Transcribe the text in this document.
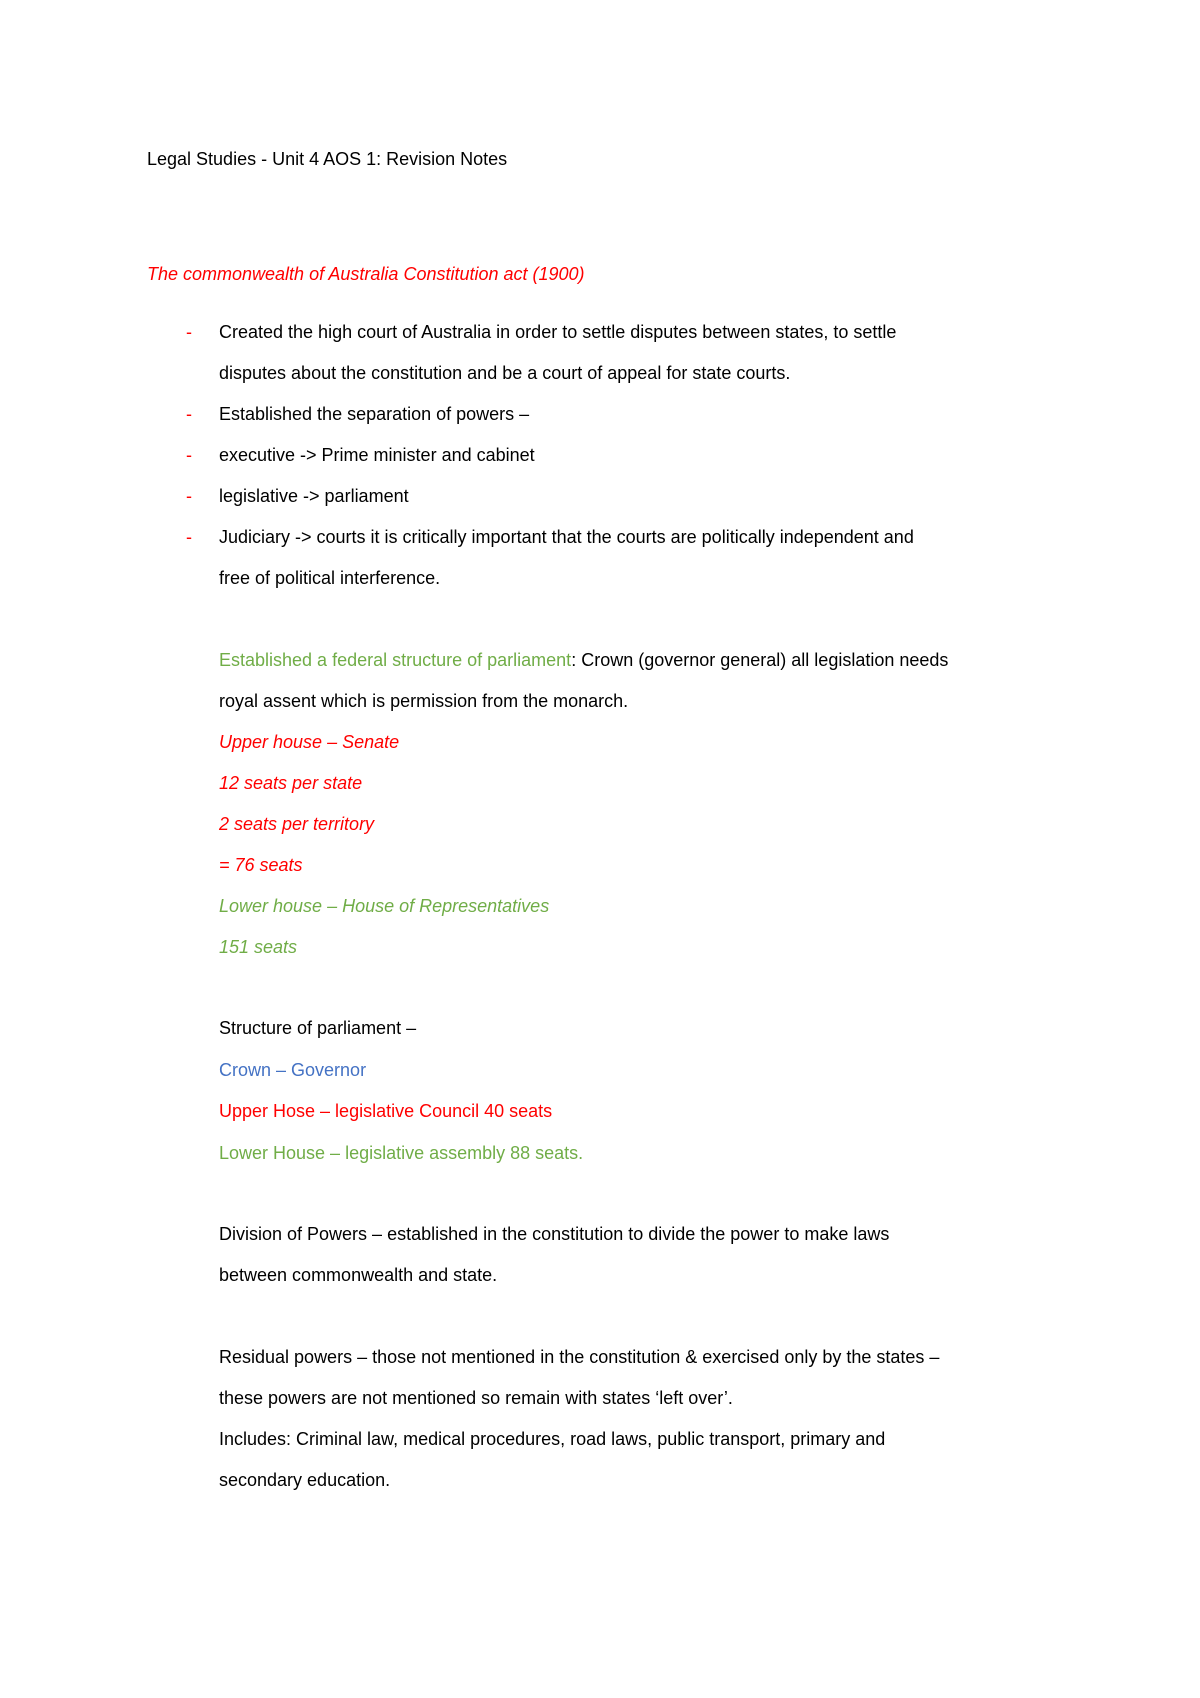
Legal Studies - Unit 4 AOS 1: Revision Notes
The commonwealth of Australia Constitution act (1900)
- Created the high court of Australia in order to settle disputes between states, to settle
disputes about the constitution and be a court of appeal for state courts.
- Established the separation of powers –
- executive -> Prime minister and cabinet
- legislative -> parliament
- Judiciary -> courts it is critically important that the courts are politically independent and
free of political interference.
Established a federal structure of parliament: Crown (governor general) all legislation needs
royal assent which is permission from the monarch.
Upper house – Senate
12 seats per state
2 seats per territory
= 76 seats
Lower house – House of Representatives
151 seats
Structure of parliament –
Crown – Governor
Upper Hose – legislative Council 40 seats
Lower House – legislative assembly 88 seats.
Division of Powers – established in the constitution to divide the power to make laws
between commonwealth and state.
Residual powers – those not mentioned in the constitution & exercised only by the states –
these powers are not mentioned so remain with states ‘left over’.
Includes: Criminal law, medical procedures, road laws, public transport, primary and
secondary education.
